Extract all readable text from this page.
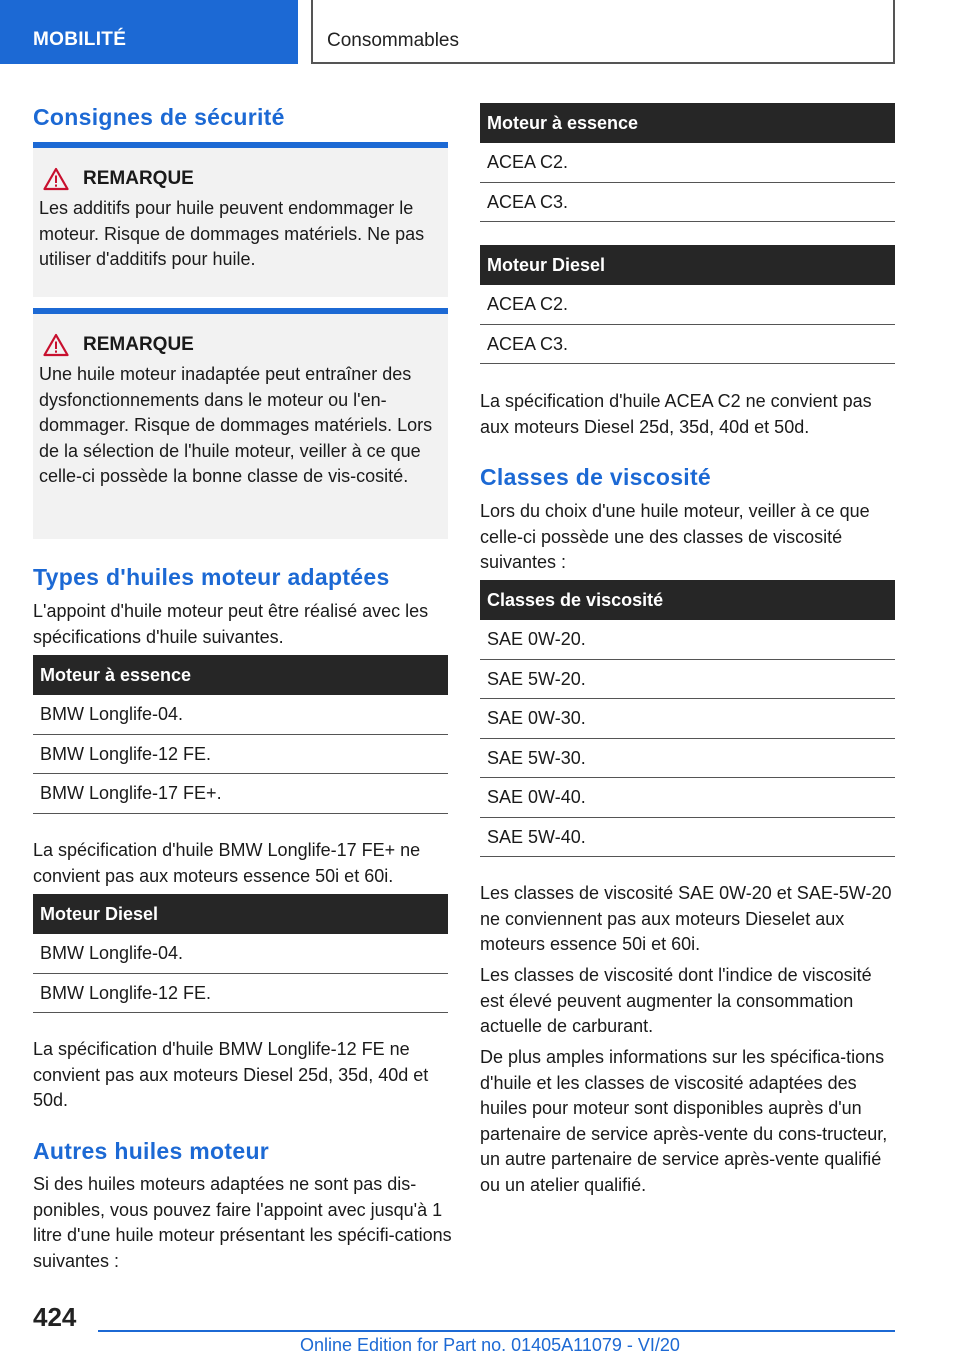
MOBILITÉ	Consommables
Consignes de sécurité
REMARQUE
Les additifs pour huile peuvent endommager le moteur. Risque de dommages matériels. Ne pas utiliser d'additifs pour huile.
REMARQUE
Une huile moteur inadaptée peut entraîner des dysfonctionnements dans le moteur ou l'en-dommager. Risque de dommages matériels. Lors de la sélection de l'huile moteur, veiller à ce que celle-ci possède la bonne classe de vis-cosité.
Types d'huiles moteur adaptées

L'appoint d'huile moteur peut être réalisé avec les spécifications d'huile suivantes.

Moteur à essence
BMW Longlife-04.
BMW Longlife-12 FE.
BMW Longlife-17 FE+.

La spécification d'huile BMW Longlife-17 FE+ ne convient pas aux moteurs essence 50i et 60i.

Moteur Diesel
BMW Longlife-04.
BMW Longlife-12 FE.

La spécification d'huile BMW Longlife-12 FE ne convient pas aux moteurs Diesel 25d, 35d, 40d et 50d.

Autres huiles moteur

Si des huiles moteurs adaptées ne sont pas dis-ponibles, vous pouvez faire l'appoint avec jusqu'à 1 litre d'une huile moteur présentant les spécifi-cations suivantes :

Moteur à essence
ACEA C2.
ACEA C3.
Moteur Diesel
ACEA C2.
ACEA C3.

La spécification d'huile ACEA C2 ne convient pas aux moteurs Diesel 25d, 35d, 40d et 50d.

Classes de viscosité

Lors du choix d'une huile moteur, veiller à ce que celle-ci possède une des classes de viscosité suivantes :

Classes de viscosité
SAE 0W-20.
SAE 5W-20.
SAE 0W-30.
SAE 5W-30.
SAE 0W-40.
SAE 5W-40.

Les classes de viscosité SAE 0W-20 et SAE-5W-20 ne conviennent pas aux moteurs Dieselet aux moteurs essence 50i et 60i.

Les classes de viscosité dont l'indice de viscosité est élevé peuvent augmenter la consommation actuelle de carburant.

De plus amples informations sur les spécifica-tions d'huile et les classes de viscosité adaptées des huiles pour moteur sont disponibles auprès d'un partenaire de service après-vente du cons-tructeur, un autre partenaire de service après-vente qualifié ou un atelier qualifié.

424
Online Edition for Part no. 01405A11079 - VI/20
